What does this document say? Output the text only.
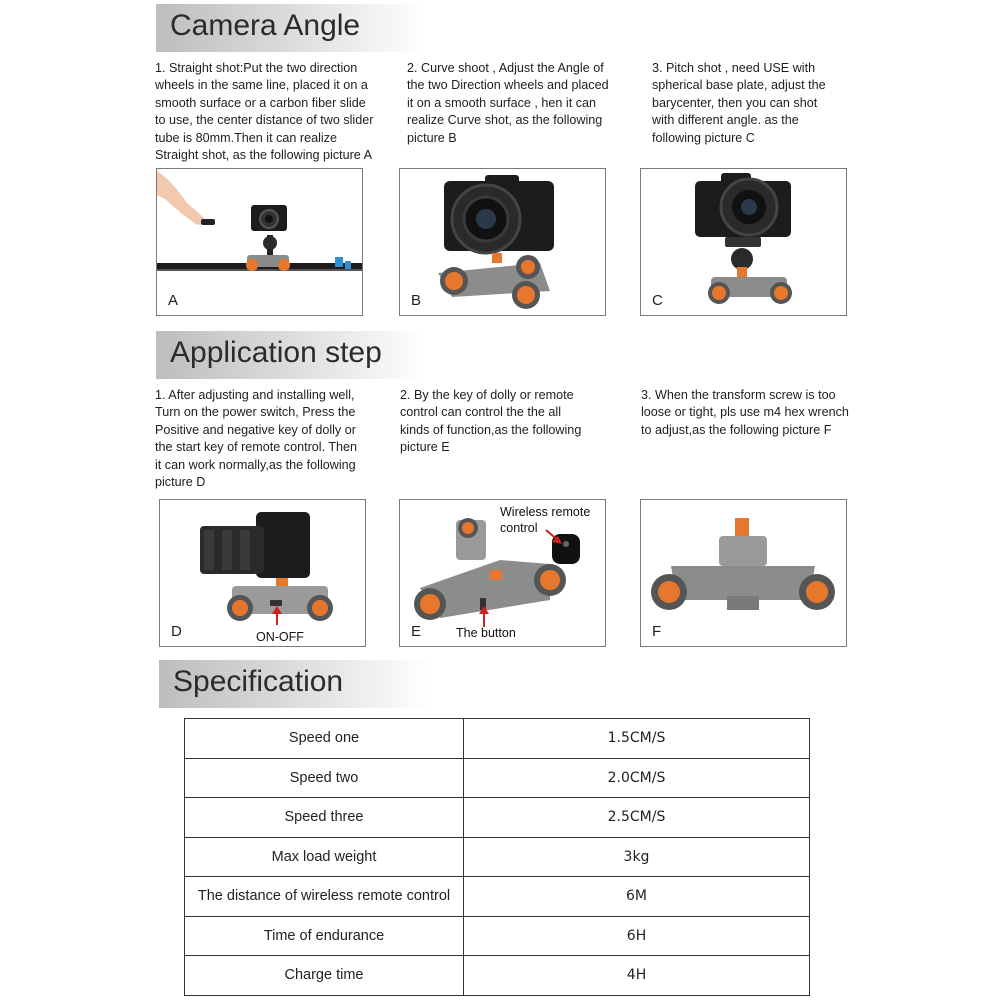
Camera Angle
1. Straight shot:Put the two direction
wheels in the same line, placed it on a
smooth surface or a carbon fiber slide
to use, the center distance of two slider
tube is 80mm.Then it can realize
Straight shot, as the following picture A
2. Curve shoot , Adjust the Angle of
the two Direction wheels and placed
it on a smooth surface , hen it can
realize Curve shot, as the following
picture B
3. Pitch shot , need USE with
spherical base plate, adjust the
barycenter, then you can shot
with different angle. as the
following picture C
A	B	C
Application step
1. After adjusting and installing well,
Turn on the power switch, Press the
Positive and negative key of dolly or
the start key of remote control. Then
it can work normally,as the following
picture D
2. By the key of dolly or remote
control can control the the all
kinds of function,as the following
picture E
3. When the transform screw is too
loose or tight, pls use m4 hex wrench
to adjust,as the following picture F
D	ON-OFF	E	The button
Wireless remote
control
F
Specification
Speed one	1.5CM/S
Speed two	2.0CM/S
Speed three	2.5CM/S
Max load weight	3kg
The distance of wireless remote control	6M
Time of endurance	6H
Charge time	4H
